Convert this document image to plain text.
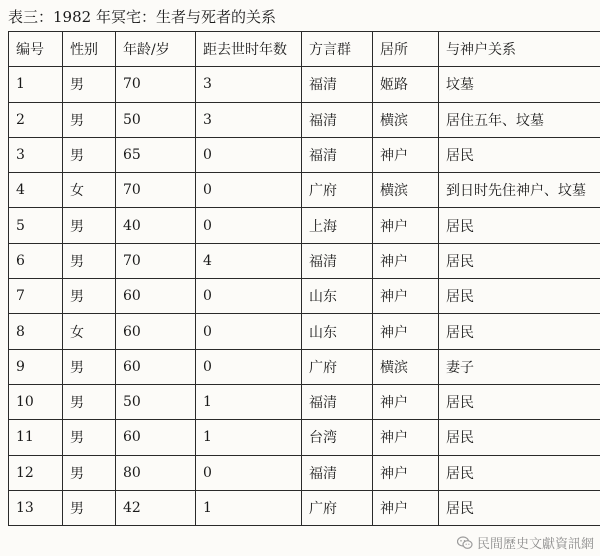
表三：1982 年冥宅：生者与死者的关系
编号	性别	年龄/岁	距去世时年数	方言群	居所	与神户关系
1	男	70	3	福清	姬路	坟墓
2	男	50	3	福清	横滨	居住五年、坟墓
3	男	65	0	福清	神户	居民
4	女	70	0	广府	横滨	到日时先住神户、坟墓
5	男	40	0	上海	神户	居民
6	男	70	4	福清	神户	居民
7	男	60	0	山东	神户	居民
8	女	60	0	山东	神户	居民
9	男	60	0	广府	横滨	妻子
10	男	50	1	福清	神户	居民
11	男	60	1	台湾	神户	居民
12	男	80	0	福清	神户	居民
13	男	42	1	广府	神户	居民
民間歷史文獻資訊網
